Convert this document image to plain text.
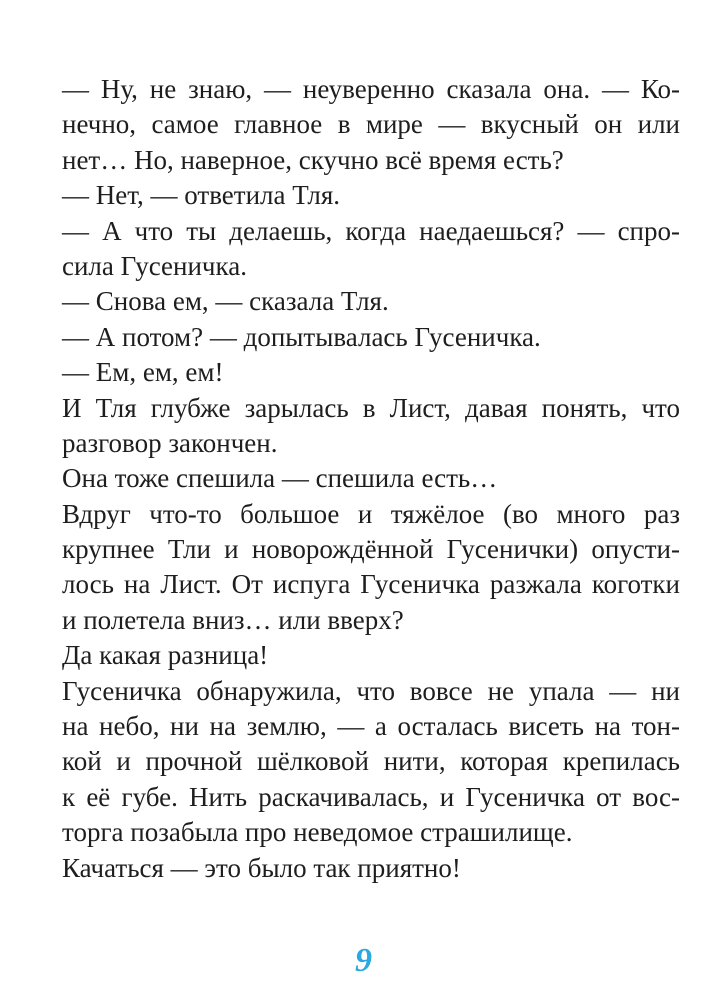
— Ну, не знаю, — неуверенно сказала она. — Ко-
нечно, самое главное в мире — вкусный он или
нет… Но, наверное, скучно всё время есть?
— Нет, — ответила Тля.
— А что ты делаешь, когда наедаешься? — спро-
сила Гусеничка.
— Снова ем, — сказала Тля.
— А потом? — допытывалась Гусеничка.
— Ем, ем, ем!
И Тля глубже зарылась в Лист, давая понять, что
разговор закончен.
Она тоже спешила — спешила есть…
Вдруг что-то большое и тяжёлое (во много раз
крупнее Тли и новорождённой Гусенички) опусти-
лось на Лист. От испуга Гусеничка разжала коготки
и полетела вниз… или вверх?
Да какая разница!
Гусеничка обнаружила, что вовсе не упала — ни
на небо, ни на землю, — а осталась висеть на тон-
кой и прочной шёлковой нити, которая крепилась
к её губе. Нить раскачивалась, и Гусеничка от вос-
торга позабыла про неведомое страшилище.
Качаться — это было так приятно!
9
